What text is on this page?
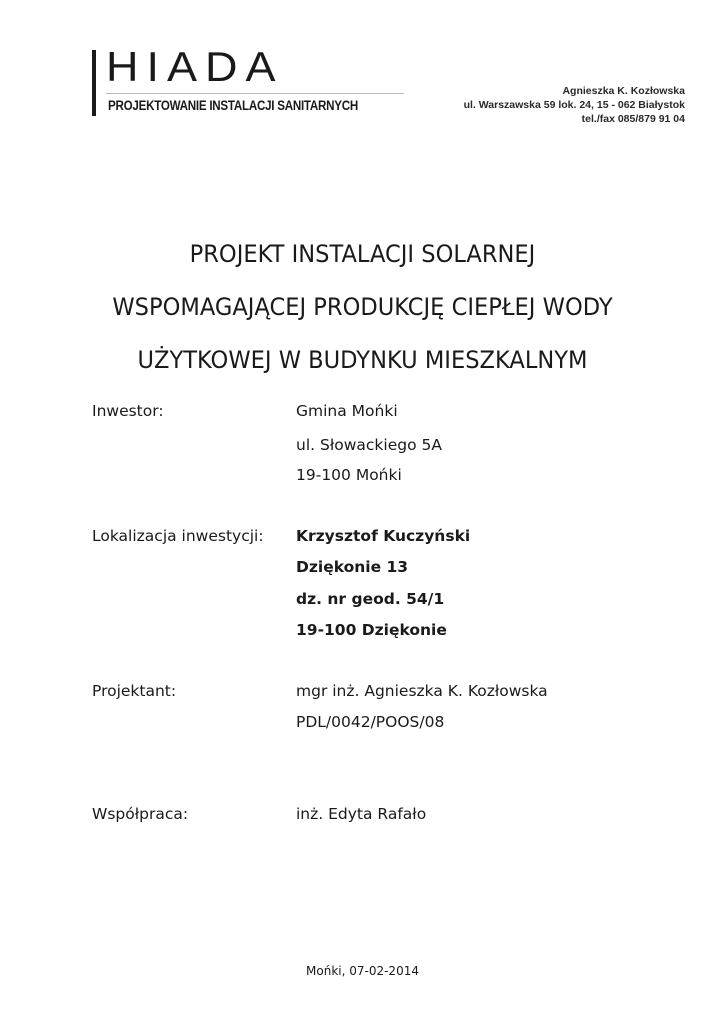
HIADA
PROJEKTOWANIE INSTALACJI SANITARNYCH
Agnieszka K. Kozłowska
ul. Warszawska 59 lok. 24, 15 - 062 Białystok
tel./fax 085/879 91 04
PROJEKT INSTALACJI SOLARNEJ
WSPOMAGAJĄCEJ PRODUKCJĘ CIEPŁEJ WODY
UŻYTKOWEJ W BUDYNKU MIESZKALNYM
Inwestor:	Gmina Mońki
ul. Słowackiego 5A
19-100 Mońki
Lokalizacja inwestycji: Krzysztof Kuczyński
Dziękonie 13
dz. nr geod. 54/1
19-100 Dziękonie
Projektant:	mgr inż. Agnieszka K. Kozłowska
PDL/0042/POOS/08
Współpraca:	inż. Edyta Rafało
Mońki, 07-02-2014
